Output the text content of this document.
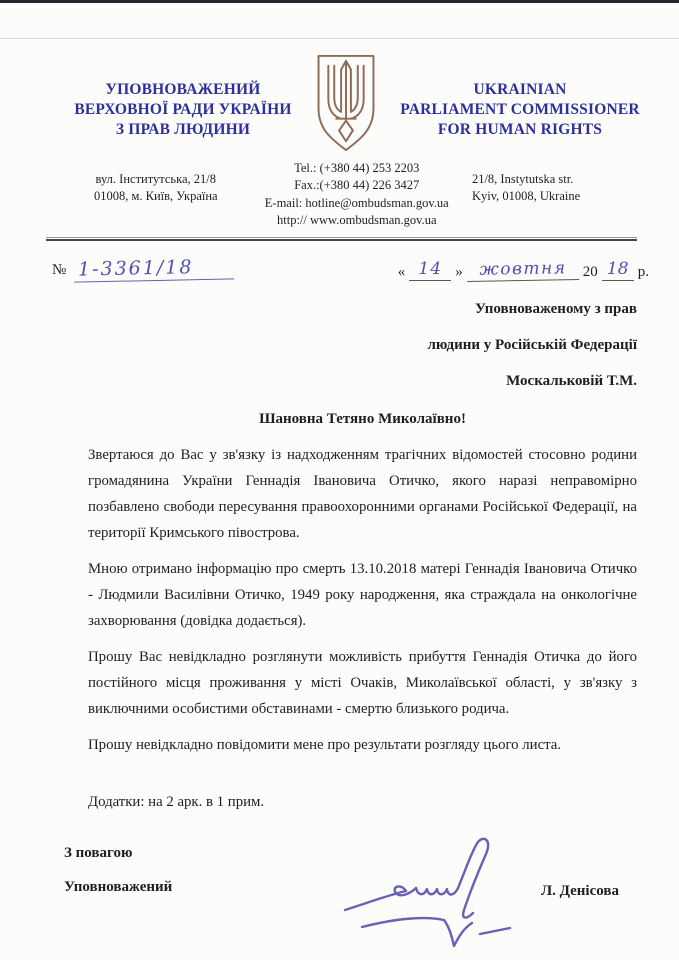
УПОВНОВАЖЕНИЙ
ВЕРХОВНОЇ РАДИ УКРАЇНИ
З ПРАВ ЛЮДИНИ
UKRAINIAN
PARLIAMENT COMMISSIONER
FOR HUMAN RIGHTS
вул. Інститутська, 21/8
01008, м. Київ, Україна
Tel.: (+380 44) 253 2203
Fax.:(+380 44) 226 3427
E-mail: hotline@ombudsman.gov.ua
http:// www.ombudsman.gov.ua
21/8, Instytutska str.
Kyiv, 01008, Ukraine
№ 1-3361/18	« 14 » жовтня	20 18 р.
Уповноваженому з прав
людини у Російській Федерації
Москальковій Т.М.
Шановна Тетяно Миколаївно!

Звертаюся до Вас у зв'язку із надходженням трагічних відомостей стосовно родини громадянина України Геннадія Івановича Отичко, якого наразі неправомірно позбавлено свободи пересування правоохоронними органами Російської Федерації, на території Кримського півострова.

Мною отримано інформацію про смерть 13.10.2018 матері Геннадія Івановича Отичко - Людмили Василівни Отичко, 1949 року народження, яка страждала на онкологічне захворювання (довідка додається).

Прошу Вас невідкладно розглянути можливість прибуття Геннадія Отичка до його постійного місця проживання у місті Очаків, Миколаївської області, у зв'язку з виключними особистими обставинами - смертю близького родича.

Прошу невідкладно повідомити мене про результати розгляду цього листа.

Додатки: на 2 арк. в 1 прим.
З повагою
Уповноважений	Л. Денісова
